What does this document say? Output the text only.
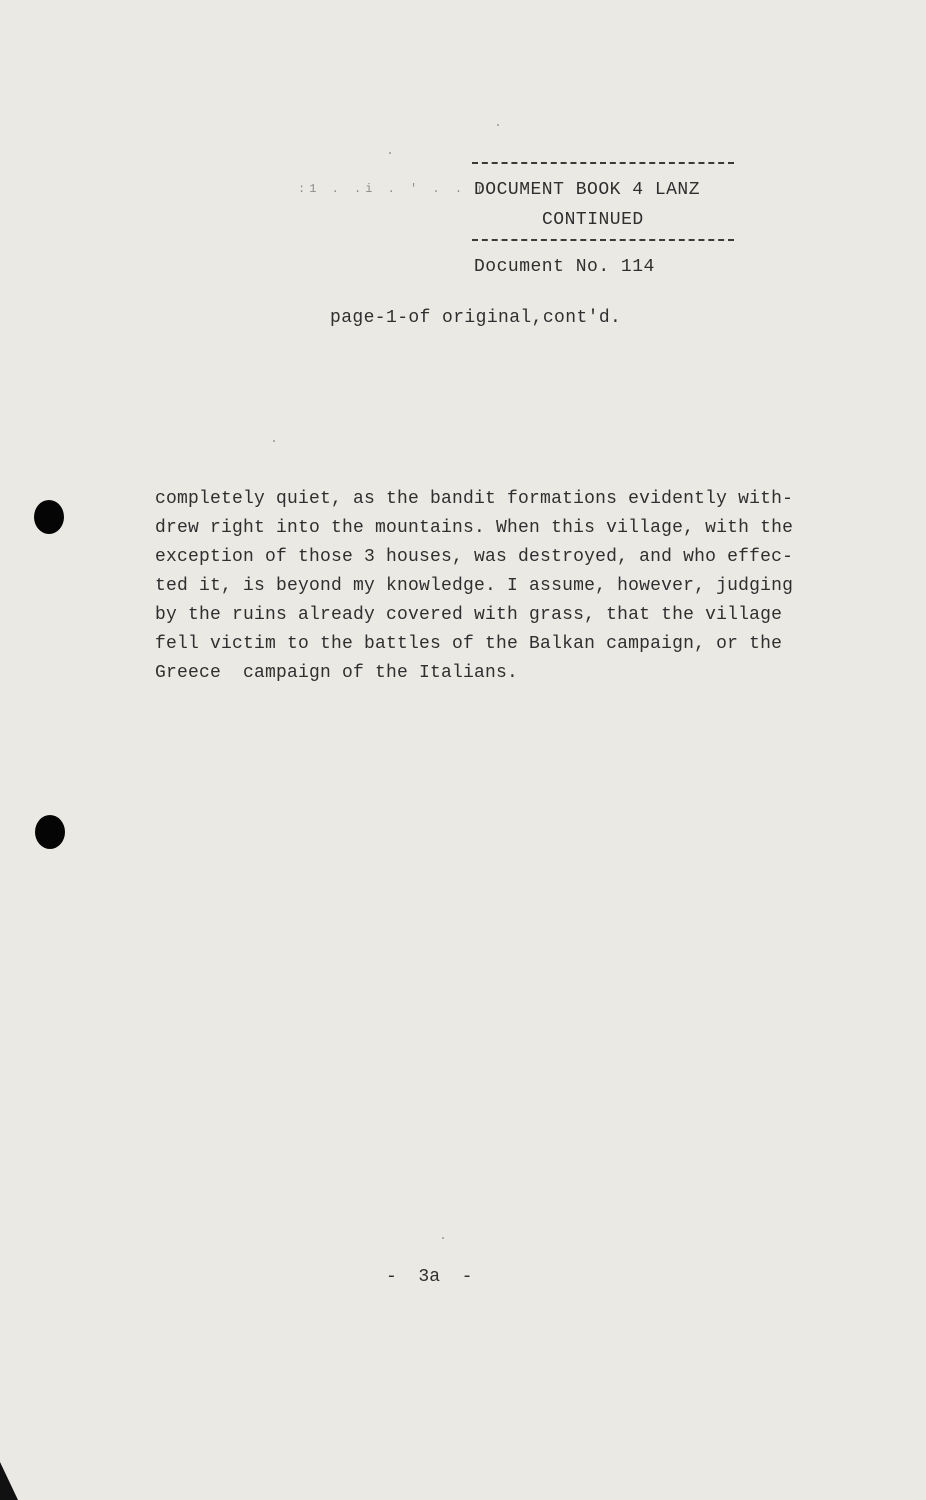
:1 . .i . ' . . r
DOCUMENT BOOK 4 LANZ
CONTINUED
Document No. 114
page-1-of original,cont'd.
completely quiet, as the bandit formations evidently with-
drew right into the mountains. When this village, with the
exception of those 3 houses, was destroyed, and who effec-
ted it, is beyond my knowledge. I assume, however, judging
by the ruins already covered with grass, that the village
fell victim to the battles of the Balkan campaign, or the
Greece  campaign of the Italians.
-  3a  -
